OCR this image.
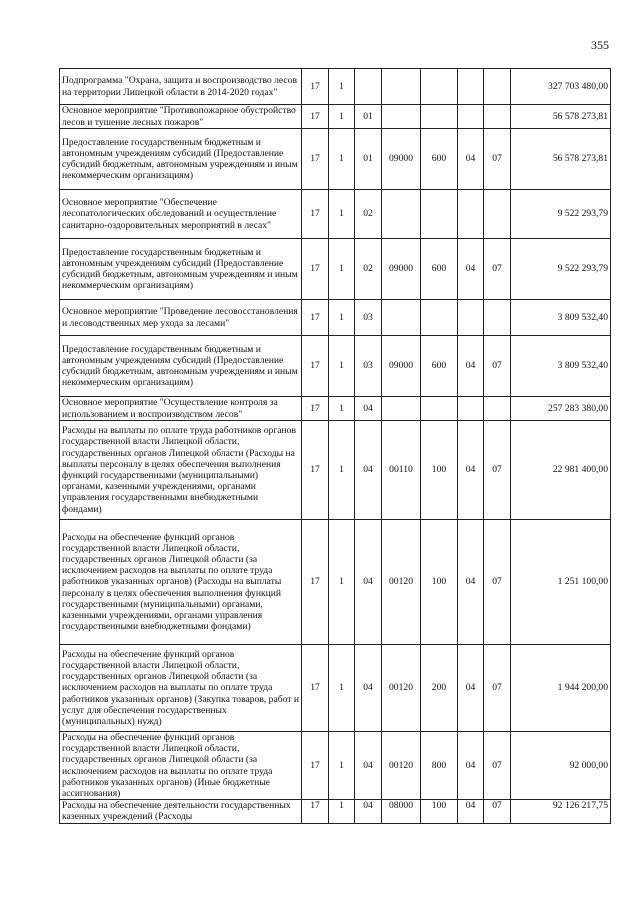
355
Подпрограмма "Охрана, защита и воспроизводство лесов на территории Липецкой области в 2014-2020 годах"	17	1						327 703 480,00
Основное мероприятие "Противопожарное обустройство лесов и тушение лесных пожаров"	17	1	01					56 578 273,81
Предоставление государственным бюджетным и автономным учреждениям субсидий (Предоставление субсидий бюджетным, автономным учреждениям и иным некоммерческим организациям)	17	1	01	09000	600	04	07	56 578 273,81
Основное мероприятие "Обеспечение лесопатологических обследований и осуществление санитарно-оздоровительных мероприятий в лесах"	17	1	02					9 522 293,79
Предоставление государственным бюджетным и автономным учреждениям субсидий (Предоставление субсидий бюджетным, автономным учреждениям и иным некоммерческим организациям)	17	1	02	09000	600	04	07	9 522 293,79
Основное мероприятие "Проведение лесовосстановления и лесоводственных мер ухода за лесами"	17	1	03					3 809 532,40
Предоставление государственным бюджетным и автономным учреждениям субсидий (Предоставление субсидий бюджетным, автономным учреждениям и иным некоммерческим организациям)	17	1	03	09000	600	04	07	3 809 532,40
Основное мероприятие "Осуществление контроля за использованием и воспроизводством лесов"	17	1	04					257 283 380,00
Расходы на выплаты по оплате труда работников органов государственной власти Липецкой области, государственных органов Липецкой области (Расходы на выплаты персоналу в целях обеспечения выполнения функций государственными (муниципальными) органами, казенными учреждениями, органами управления государственными внебюджетными фондами)	17	1	04	00110	100	04	07	22 981 400,00
Расходы на обеспечение функций органов государственной власти Липецкой области, государственных органов Липецкой области (за исключением расходов на выплаты по оплате труда работников указанных органов) (Расходы на выплаты персоналу в целях обеспечения выполнения функций государственными (муниципальными) органами, казенными учреждениями, органами управления государственными внебюджетными фондами)	17	1	04	00120	100	04	07	1 251 100,00
Расходы на обеспечение функций органов государственной власти Липецкой области, государственных органов Липецкой области (за исключением расходов на выплаты по оплате труда работников указанных органов) (Закупка товаров, работ и услуг для обеспечения государственных (муниципальных) нужд)	17	1	04	00120	200	04	07	1 944 200,00
Расходы на обеспечение функций органов государственной власти Липецкой области, государственных органов Липецкой области (за исключением расходов на выплаты по оплате труда работников указанных органов) (Иные бюджетные ассигнования)	17	1	04	00120	800	04	07	92 000,00
Расходы на обеспечение деятельности государственных казенных учреждений (Расходы	17	1	04	08000	100	04	07	92 126 217,75
